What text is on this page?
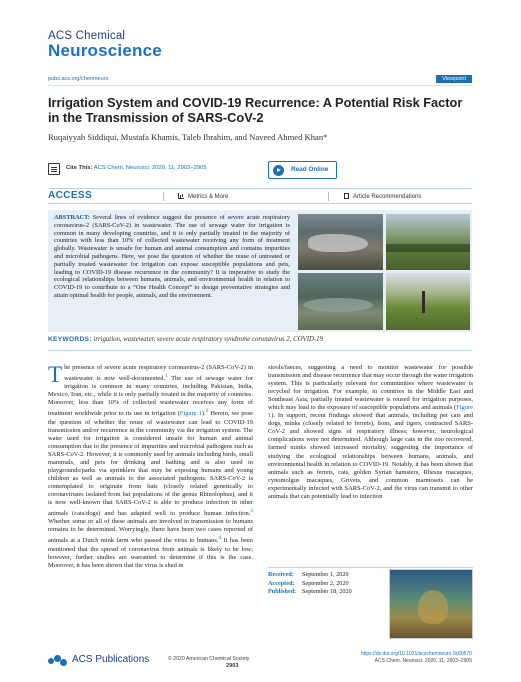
ACS Chemical
Neuroscience
pubs.acs.org/chemneuro	Viewpoint
Irrigation System and COVID-19 Recurrence: A Potential Risk Factor in the Transmission of SARS-CoV-2
Ruqaiyyah Siddiqui, Mustafa Khamis, Taleb Ibrahim, and Naveed Ahmed Khan*
Cite This: ACS Chem. Neurosci. 2020, 11, 2903−2905	Read Online
ACCESS	Metrics & More	Article Recommendations
ABSTRACT: Several lines of evidence suggest the presence of severe acute respiratory coronavirus-2 (SARS-CoV-2) in wastewater. The use of sewage water for irrigation is common in many developing countries, and it is only partially treated in the majority of countries with less than 10% of collected wastewater receiving any form of treatment globally. Wastewater is unsafe for human and animal consumption and contains impurities and microbial pathogens. Here, we pose the question of whether the reuse of untreated or partially treated wastewater for irrigation can expose susceptible populations and pets, leading to COVID-19 disease recurrence in the community? It is imperative to study the ecological relationships between humans, animals, and environmental health in relation to COVID-19 to contribute to a “One Health Concept” to design preventative strategies and attain optimal health for people, animals, and the environment.
KEYWORDS: irrigation, wastewater, severe acute respiratory syndrome coronavirus 2, COVID-19
The presence of severe acute respiratory coronavirus-2 (SARS-CoV-2) in wastewater is now well-documented.$^1$ The use of sewage water for irrigation is common in many countries, including Pakistan, India, Mexico, Iran, etc., while it is only partially treated in the majority of countries. Moreover, less than 10% of collected wastewater receives any form of treatment worldwide prior to its use in irrigation (Figure 1).$^2$ Herein, we pose the question of whether the reuse of wastewater can lead to COVID-19 transmission and/or recurrence in the community via the irrigation system. The water used for irrigation is considered unsafe for human and animal consumption due to the presence of impurities and microbial pathogens such as SARS-CoV-2. However, it is commonly used by animals including birds, small mammals, and pets for drinking and bathing and is also used in playgrounds/parks via sprinklers that may be exposing humans and young children as well as animals to the associated pathogens. SARS-CoV-2 is contemplated to originate from bats (closely related genetically to coronaviruses isolated from bat populations of the genus Rhinolophus), and it is now well-known that SARS-CoV-2 is able to produce infection in other animals (cats/dogs) and has adapted well to produce human infection.$^3$ Whether some or all of these animals are involved in transmission to humans remains to be determined. Worryingly, there have been two cases reported of animals at a Dutch mink farm who passed the virus to humans.$^4$ It has been mentioned that the spread of coronavirus from animals is likely to be low; however, further studies are warranted to determine if this is the case. Moreover, it has been shown that the virus is shed in
stools/faeces, suggesting a need to monitor wastewater for possible transmission and disease recurrence that may occur through the water irrigation system. This is particularly relevant for communities where wastewater is recycled for irrigation. For example, in countries in the Middle East and Southeast Asia, partially treated wastewater is reused for irrigation purposes, which may lead to the exposure of susceptible populations and animals (Figure 1). In support, recent findings showed that animals, including pet cats and dogs, minks (closely related to ferrets), lions, and tigers, contracted SARS-CoV-2 and showed signs of respiratory illness; however, neurological complications were not determined. Although large cats in the zoo recovered, farmed minks showed increased mortality, suggesting the importance of studying the ecological relationships between humans, animals, and environmental health in relation to COVID-19. Notably, it has been shown that animals such as ferrets, cats, golden Syrian hamsters, Rhesus macaques, cynomolgus macaques, Grivets, and common marmosets can be experimentally infected with SARS-CoV-2, and the virus can transmit to other animals that can potentially lead to infection
Received: September 1, 2020
Accepted: September 2, 2020
Published: September 18, 2020
ACS Publications	© 2020 American Chemical Society
2903
https://dx.doi.org/10.1021/acschemneuro.0c00570
ACS Chem. Neurosci. 2020, 11, 2903−2905
